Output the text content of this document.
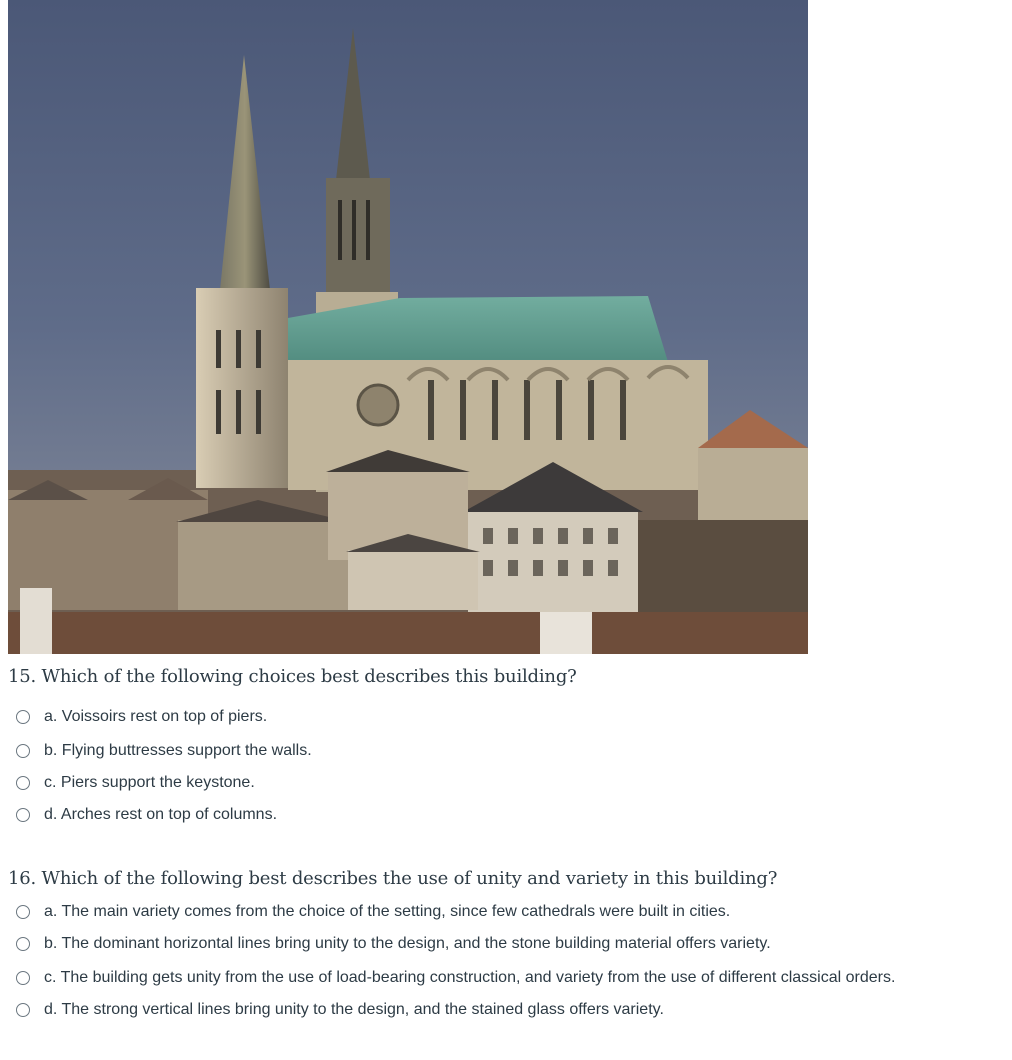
15. Which of the following choices best describes this building?

a. Voissoirs rest on top of piers.
b. Flying buttresses support the walls.
c. Piers support the keystone.
d. Arches rest on top of columns.

16. Which of the following best describes the use of unity and variety in this building?

a. The main variety comes from the choice of the setting, since few cathedrals were built in cities.
b. The dominant horizontal lines bring unity to the design, and the stone building material offers variety.
c. The building gets unity from the use of load-bearing construction, and variety from the use of different classical orders.
d. The strong vertical lines bring unity to the design, and the stained glass offers variety.
